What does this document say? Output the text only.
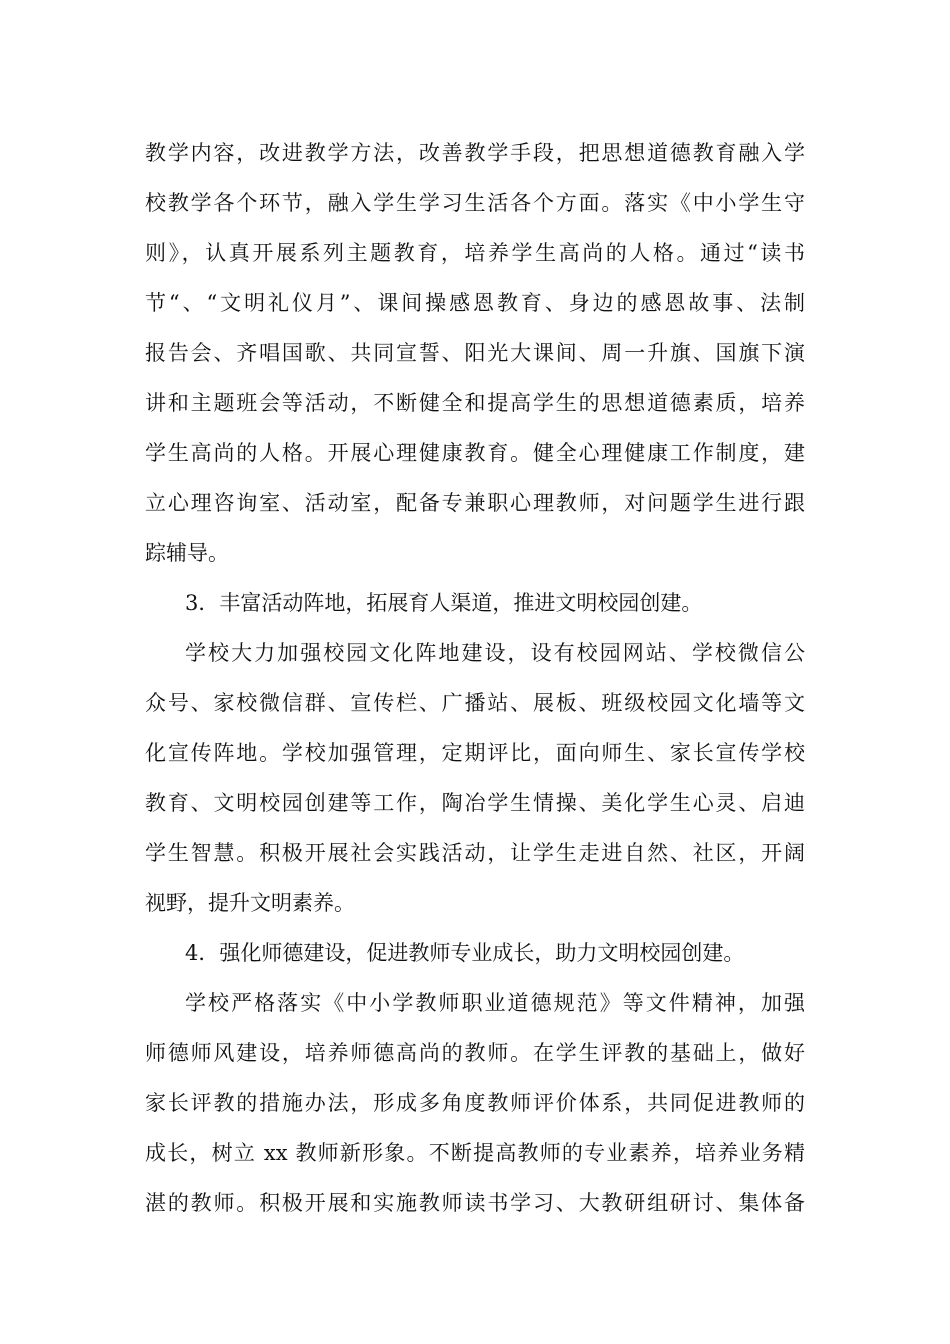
教学内容，改进教学方法，改善教学手段，把思想道德教育融入学
校教学各个环节，融入学生学习生活各个方面。落实《中小学生守
则》，认真开展系列主题教育，培养学生高尚的人格。通过“读书
节“、“文明礼仪月”、课间操感恩教育、身边的感恩故事、法制
报告会、齐唱国歌、共同宣誓、阳光大课间、周一升旗、国旗下演
讲和主题班会等活动，不断健全和提高学生的思想道德素质，培养
学生高尚的人格。开展心理健康教育。健全心理健康工作制度，建
立心理咨询室、活动室，配备专兼职心理教师，对问题学生进行跟
踪辅导。
3．丰富活动阵地，拓展育人渠道，推进文明校园创建。
学校大力加强校园文化阵地建设，设有校园网站、学校微信公
众号、家校微信群、宣传栏、广播站、展板、班级校园文化墙等文
化宣传阵地。学校加强管理，定期评比，面向师生、家长宣传学校
教育、文明校园创建等工作，陶冶学生情操、美化学生心灵、启迪
学生智慧。积极开展社会实践活动，让学生走进自然、社区，开阔
视野，提升文明素养。
4．强化师德建设，促进教师专业成长，助力文明校园创建。
学校严格落实《中小学教师职业道德规范》等文件精神，加强
师德师风建设，培养师德高尚的教师。在学生评教的基础上，做好
家长评教的措施办法，形成多角度教师评价体系，共同促进教师的
成长，树立 xx 教师新形象。不断提高教师的专业素养，培养业务精
湛的教师。积极开展和实施教师读书学习、大教研组研讨、集体备
